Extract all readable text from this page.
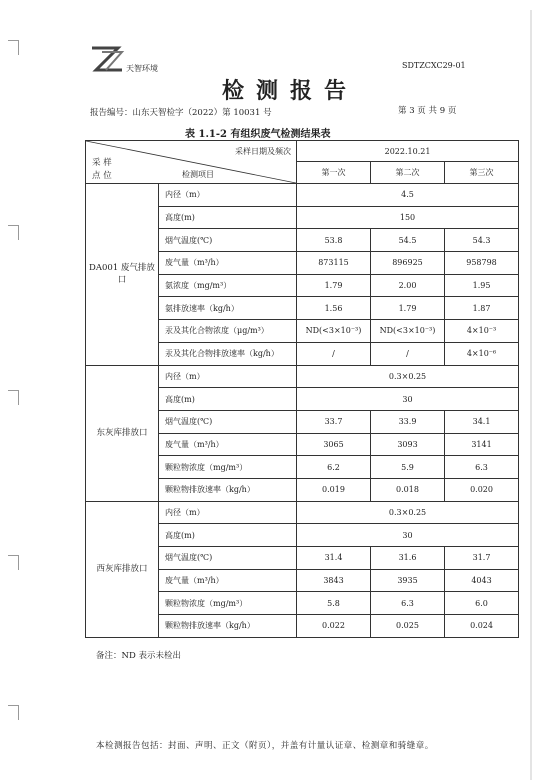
天智环境	SDTZCXC29-01
检测报告
报告编号：山东天智检字（2022）第 10031 号	第 3 页 共 9 页
表 1.1-2 有组织废气检测结果表
采样日期及频次
采 样
点 位 检测项目		2022.10.21		
		第一次	第二次	第三次
DA001 废气排放口	内径（m）	4.5		
	高度(m)	150		
	烟气温度(℃)	53.8	54.5	54.3
	废气量（m³/h）	873115	896925	958798
	氨浓度（mg/m³）	1.79	2.00	1.95
	氨排放速率（kg/h）	1.56	1.79	1.87
	汞及其化合物浓度（μg/m³）	ND(<3×10⁻³)	ND(<3×10⁻³)	4×10⁻³
	汞及其化合物排放速率（kg/h）	/	/	4×10⁻⁶
东灰库排放口	内径（m）	0.3×0.25		
	高度(m)	30		
	烟气温度(℃)	33.7	33.9	34.1
	废气量（m³/h）	3065	3093	3141
	颗粒物浓度（mg/m³）	6.2	5.9	6.3
	颗粒物排放速率（kg/h）	0.019	0.018	0.020
西灰库排放口	内径（m）	0.3×0.25		
	高度(m)	30		
	烟气温度(℃)	31.4	31.6	31.7
	废气量（m³/h）	3843	3935	4043
	颗粒物浓度（mg/m³）	5.8	6.3	6.0
	颗粒物排放速率（kg/h）	0.022	0.025	0.024
备注：ND 表示未检出
本检测报告包括：封面、声明、正文（附页），并盖有计量认证章、检测章和骑缝章。
